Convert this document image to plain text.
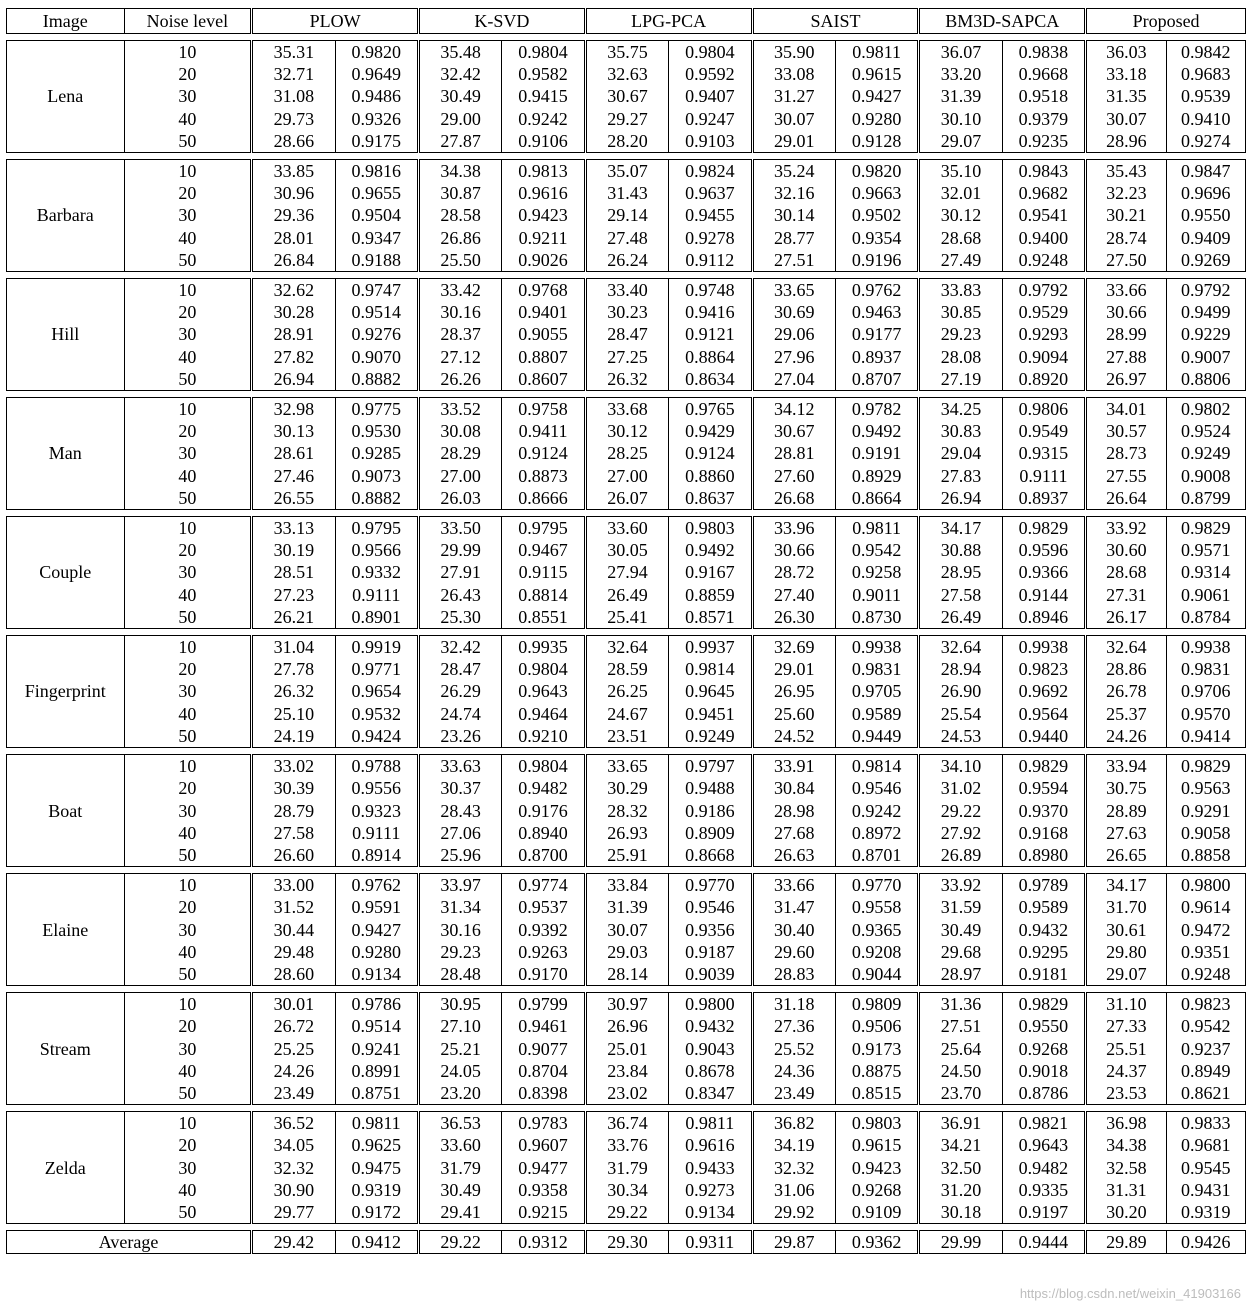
Image	Noise level	PLOW		K-SVD		LPG-PCA		SAIST		BM3D-SAPCA		Proposed	

Lena	10	35.31	0.9820	35.48	0.9804	35.75	0.9804	35.90	0.9811	36.07	0.9838	36.03	0.9842
	20	32.71	0.9649	32.42	0.9582	32.63	0.9592	33.08	0.9615	33.20	0.9668	33.18	0.9683
	30	31.08	0.9486	30.49	0.9415	30.67	0.9407	31.27	0.9427	31.39	0.9518	31.35	0.9539
	40	29.73	0.9326	29.00	0.9242	29.27	0.9247	30.07	0.9280	30.10	0.9379	30.07	0.9410
	50	28.66	0.9175	27.87	0.9106	28.20	0.9103	29.01	0.9128	29.07	0.9235	28.96	0.9274

Barbara	10	33.85	0.9816	34.38	0.9813	35.07	0.9824	35.24	0.9820	35.10	0.9843	35.43	0.9847
	20	30.96	0.9655	30.87	0.9616	31.43	0.9637	32.16	0.9663	32.01	0.9682	32.23	0.9696
	30	29.36	0.9504	28.58	0.9423	29.14	0.9455	30.14	0.9502	30.12	0.9541	30.21	0.9550
	40	28.01	0.9347	26.86	0.9211	27.48	0.9278	28.77	0.9354	28.68	0.9400	28.74	0.9409
	50	26.84	0.9188	25.50	0.9026	26.24	0.9112	27.51	0.9196	27.49	0.9248	27.50	0.9269

Hill	10	32.62	0.9747	33.42	0.9768	33.40	0.9748	33.65	0.9762	33.83	0.9792	33.66	0.9792
	20	30.28	0.9514	30.16	0.9401	30.23	0.9416	30.69	0.9463	30.85	0.9529	30.66	0.9499
	30	28.91	0.9276	28.37	0.9055	28.47	0.9121	29.06	0.9177	29.23	0.9293	28.99	0.9229
	40	27.82	0.9070	27.12	0.8807	27.25	0.8864	27.96	0.8937	28.08	0.9094	27.88	0.9007
	50	26.94	0.8882	26.26	0.8607	26.32	0.8634	27.04	0.8707	27.19	0.8920	26.97	0.8806

Man	10	32.98	0.9775	33.52	0.9758	33.68	0.9765	34.12	0.9782	34.25	0.9806	34.01	0.9802
	20	30.13	0.9530	30.08	0.9411	30.12	0.9429	30.67	0.9492	30.83	0.9549	30.57	0.9524
	30	28.61	0.9285	28.29	0.9124	28.25	0.9124	28.81	0.9191	29.04	0.9315	28.73	0.9249
	40	27.46	0.9073	27.00	0.8873	27.00	0.8860	27.60	0.8929	27.83	0.9111	27.55	0.9008
	50	26.55	0.8882	26.03	0.8666	26.07	0.8637	26.68	0.8664	26.94	0.8937	26.64	0.8799

Couple	10	33.13	0.9795	33.50	0.9795	33.60	0.9803	33.96	0.9811	34.17	0.9829	33.92	0.9829
	20	30.19	0.9566	29.99	0.9467	30.05	0.9492	30.66	0.9542	30.88	0.9596	30.60	0.9571
	30	28.51	0.9332	27.91	0.9115	27.94	0.9167	28.72	0.9258	28.95	0.9366	28.68	0.9314
	40	27.23	0.9111	26.43	0.8814	26.49	0.8859	27.40	0.9011	27.58	0.9144	27.31	0.9061
	50	26.21	0.8901	25.30	0.8551	25.41	0.8571	26.30	0.8730	26.49	0.8946	26.17	0.8784

Fingerprint	10	31.04	0.9919	32.42	0.9935	32.64	0.9937	32.69	0.9938	32.64	0.9938	32.64	0.9938
	20	27.78	0.9771	28.47	0.9804	28.59	0.9814	29.01	0.9831	28.94	0.9823	28.86	0.9831
	30	26.32	0.9654	26.29	0.9643	26.25	0.9645	26.95	0.9705	26.90	0.9692	26.78	0.9706
	40	25.10	0.9532	24.74	0.9464	24.67	0.9451	25.60	0.9589	25.54	0.9564	25.37	0.9570
	50	24.19	0.9424	23.26	0.9210	23.51	0.9249	24.52	0.9449	24.53	0.9440	24.26	0.9414

Boat	10	33.02	0.9788	33.63	0.9804	33.65	0.9797	33.91	0.9814	34.10	0.9829	33.94	0.9829
	20	30.39	0.9556	30.37	0.9482	30.29	0.9488	30.84	0.9546	31.02	0.9594	30.75	0.9563
	30	28.79	0.9323	28.43	0.9176	28.32	0.9186	28.98	0.9242	29.22	0.9370	28.89	0.9291
	40	27.58	0.9111	27.06	0.8940	26.93	0.8909	27.68	0.8972	27.92	0.9168	27.63	0.9058
	50	26.60	0.8914	25.96	0.8700	25.91	0.8668	26.63	0.8701	26.89	0.8980	26.65	0.8858

Elaine	10	33.00	0.9762	33.97	0.9774	33.84	0.9770	33.66	0.9770	33.92	0.9789	34.17	0.9800
	20	31.52	0.9591	31.34	0.9537	31.39	0.9546	31.47	0.9558	31.59	0.9589	31.70	0.9614
	30	30.44	0.9427	30.16	0.9392	30.07	0.9356	30.40	0.9365	30.49	0.9432	30.61	0.9472
	40	29.48	0.9280	29.23	0.9263	29.03	0.9187	29.60	0.9208	29.68	0.9295	29.80	0.9351
	50	28.60	0.9134	28.48	0.9170	28.14	0.9039	28.83	0.9044	28.97	0.9181	29.07	0.9248

Stream	10	30.01	0.9786	30.95	0.9799	30.97	0.9800	31.18	0.9809	31.36	0.9829	31.10	0.9823
	20	26.72	0.9514	27.10	0.9461	26.96	0.9432	27.36	0.9506	27.51	0.9550	27.33	0.9542
	30	25.25	0.9241	25.21	0.9077	25.01	0.9043	25.52	0.9173	25.64	0.9268	25.51	0.9237
	40	24.26	0.8991	24.05	0.8704	23.84	0.8678	24.36	0.8875	24.50	0.9018	24.37	0.8949
	50	23.49	0.8751	23.20	0.8398	23.02	0.8347	23.49	0.8515	23.70	0.8786	23.53	0.8621

Zelda	10	36.52	0.9811	36.53	0.9783	36.74	0.9811	36.82	0.9803	36.91	0.9821	36.98	0.9833
	20	34.05	0.9625	33.60	0.9607	33.76	0.9616	34.19	0.9615	34.21	0.9643	34.38	0.9681
	30	32.32	0.9475	31.79	0.9477	31.79	0.9433	32.32	0.9423	32.50	0.9482	32.58	0.9545
	40	30.90	0.9319	30.49	0.9358	30.34	0.9273	31.06	0.9268	31.20	0.9335	31.31	0.9431
	50	29.77	0.9172	29.41	0.9215	29.22	0.9134	29.92	0.9109	30.18	0.9197	30.20	0.9319

Average		29.42	0.9412	29.22	0.9312	29.30	0.9311	29.87	0.9362	29.99	0.9444	29.89	0.9426
https://blog.csdn.net/weixin_41903166
